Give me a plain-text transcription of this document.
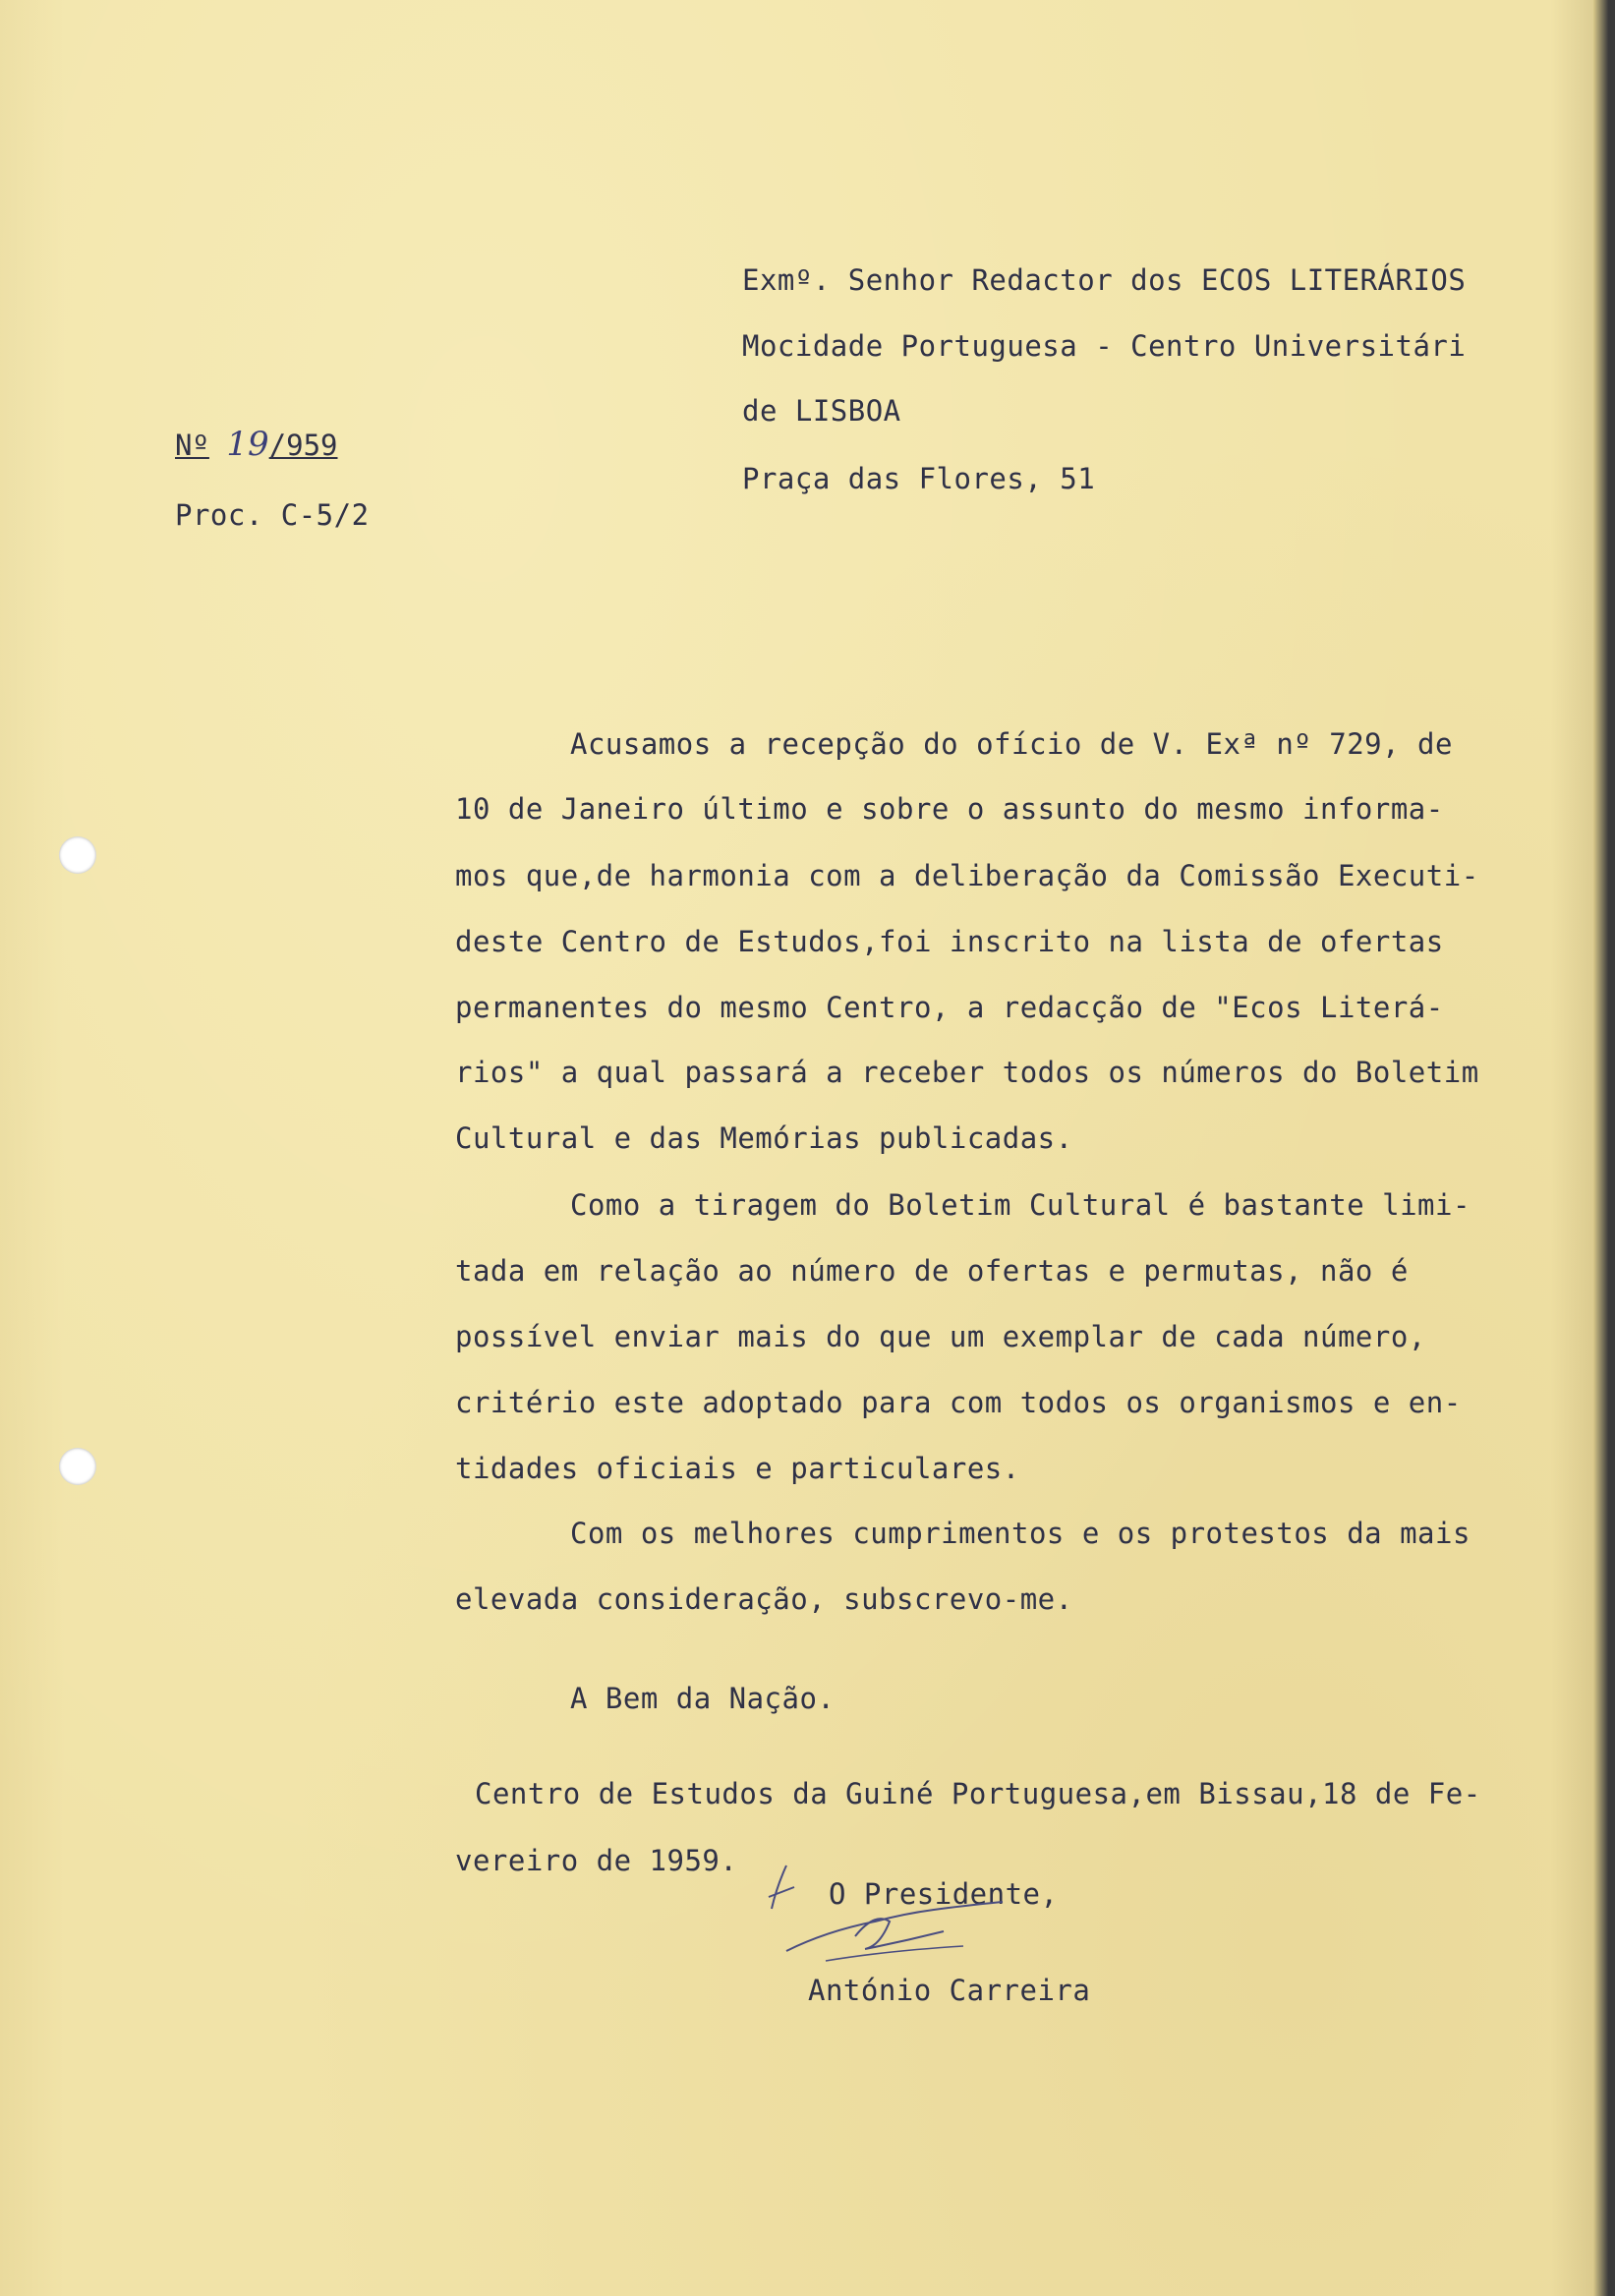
Exmº. Senhor Redactor dos ECOS LITERÁRIOS
Mocidade Portuguesa - Centro Universitári
de LISBOA
Praça das Flores, 51
Nº 19/959
Proc. C-5/2
Acusamos a recepção do ofício de V. Exª nº 729, de
10 de Janeiro último e sobre o assunto do mesmo informa-
mos que,de harmonia com a deliberação da Comissão Executi-
deste Centro de Estudos,foi inscrito na lista de ofertas
permanentes do mesmo Centro, a redacção de "Ecos Literá-
rios" a qual passará a receber todos os números do Boletim
Cultural e das Memórias publicadas.
Como a tiragem do Boletim Cultural é bastante limi-
tada em relação ao número de ofertas e permutas, não é
possível enviar mais do que um exemplar de cada número,
critério este adoptado para com todos os organismos e en-
tidades oficiais e particulares.
Com os melhores cumprimentos e os protestos da mais
elevada consideração, subscrevo-me.
A Bem da Nação.
Centro de Estudos da Guiné Portuguesa,em Bissau,18 de Fe-
vereiro de 1959.
O Presidente,
António Carreira
